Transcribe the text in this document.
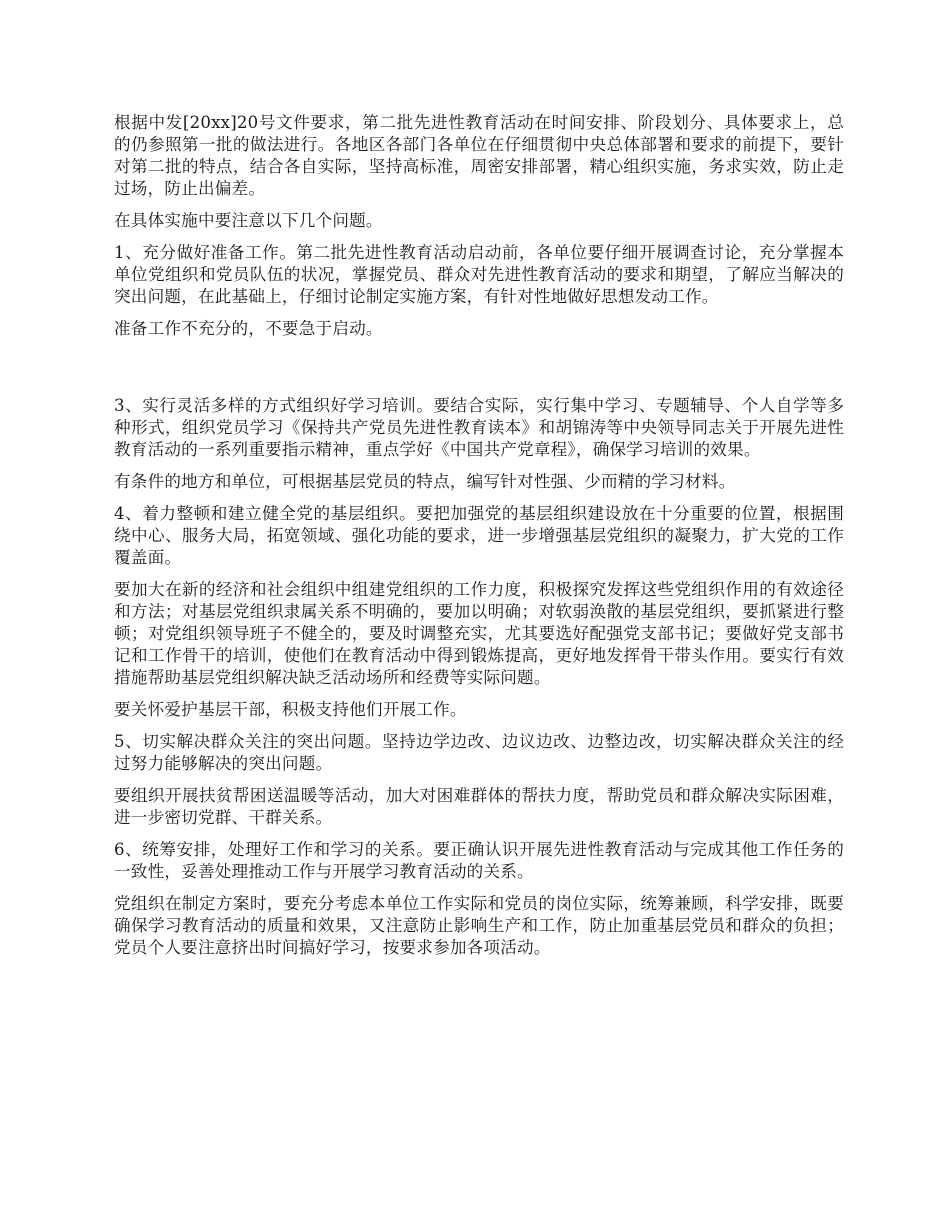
根据中发[20xx]20号文件要求，第二批先进性教育活动在时间安排、阶段划分、具体要求上，总的仍参照第一批的做法进行。各地区各部门各单位在仔细贯彻中央总体部署和要求的前提下，要针对第二批的特点，结合各自实际，坚持高标准，周密安排部署，精心组织实施，务求实效，防止走过场，防止出偏差。

在具体实施中要注意以下几个问题。

1、充分做好准备工作。第二批先进性教育活动启动前，各单位要仔细开展调查讨论，充分掌握本单位党组织和党员队伍的状况，掌握党员、群众对先进性教育活动的要求和期望，了解应当解决的突出问题，在此基础上，仔细讨论制定实施方案，有针对性地做好思想发动工作。

准备工作不充分的，不要急于启动。

3、实行灵活多样的方式组织好学习培训。要结合实际，实行集中学习、专题辅导、个人自学等多种形式，组织党员学习《保持共产党员先进性教育读本》和胡锦涛等中央领导同志关于开展先进性教育活动的一系列重要指示精神，重点学好《中国共产党章程》，确保学习培训的效果。

有条件的地方和单位，可根据基层党员的特点，编写针对性强、少而精的学习材料。

4、着力整顿和建立健全党的基层组织。要把加强党的基层组织建设放在十分重要的位置，根据围绕中心、服务大局，拓宽领域、强化功能的要求，进一步增强基层党组织的凝聚力，扩大党的工作覆盖面。

要加大在新的经济和社会组织中组建党组织的工作力度，积极探究发挥这些党组织作用的有效途径和方法；对基层党组织隶属关系不明确的，要加以明确；对软弱涣散的基层党组织，要抓紧进行整顿；对党组织领导班子不健全的，要及时调整充实，尤其要选好配强党支部书记；要做好党支部书记和工作骨干的培训，使他们在教育活动中得到锻炼提高，更好地发挥骨干带头作用。要实行有效措施帮助基层党组织解决缺乏活动场所和经费等实际问题。

要关怀爱护基层干部，积极支持他们开展工作。

5、切实解决群众关注的突出问题。坚持边学边改、边议边改、边整边改，切实解决群众关注的经过努力能够解决的突出问题。

要组织开展扶贫帮困送温暖等活动，加大对困难群体的帮扶力度，帮助党员和群众解决实际困难，进一步密切党群、干群关系。

6、统筹安排，处理好工作和学习的关系。要正确认识开展先进性教育活动与完成其他工作任务的一致性，妥善处理推动工作与开展学习教育活动的关系。

党组织在制定方案时，要充分考虑本单位工作实际和党员的岗位实际，统筹兼顾，科学安排，既要确保学习教育活动的质量和效果，又注意防止影响生产和工作，防止加重基层党员和群众的负担；党员个人要注意挤出时间搞好学习，按要求参加各项活动。
